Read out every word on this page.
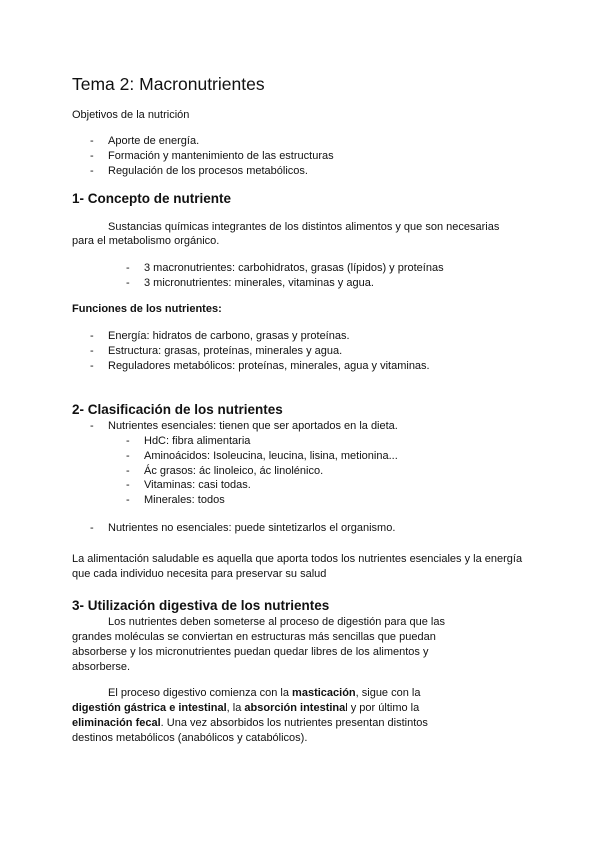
Tema 2: Macronutrientes
Objetivos de la nutrición
- Aporte de energía.
- Formación y mantenimiento de las estructuras
- Regulación de los procesos metabólicos.
1- Concepto de nutriente
Sustancias químicas integrantes de los distintos alimentos y que son necesarias
para el metabolismo orgánico.
- 3 macronutrientes: carbohidratos, grasas (lípidos) y proteínas
- 3 micronutrientes: minerales, vitaminas y agua.
Funciones de los nutrientes:
- Energía: hidratos de carbono, grasas y proteínas.
- Estructura: grasas, proteínas, minerales y agua.
- Reguladores metabólicos: proteínas, minerales, agua y vitaminas.
2- Clasificación de los nutrientes
- Nutrientes esenciales: tienen que ser aportados en la dieta.
- HdC: fibra alimentaria
- Aminoácidos: Isoleucina, leucina, lisina, metionina...
- Ác grasos: ác linoleico, ác linolénico.
- Vitaminas: casi todas.
- Minerales: todos
- Nutrientes no esenciales: puede sintetizarlos el organismo.
La alimentación saludable es aquella que aporta todos los nutrientes esenciales y la energía
que cada individuo necesita para preservar su salud
3- Utilización digestiva de los nutrientes
Los nutrientes deben someterse al proceso de digestión para que las
grandes moléculas se conviertan en estructuras más sencillas que puedan
absorberse y los micronutrientes puedan quedar libres de los alimentos y
absorberse.
El proceso digestivo comienza con la masticación, sigue con la
digestión gástrica e intestinal, la absorción intestinal y por último la
eliminación fecal. Una vez absorbidos los nutrientes presentan distintos
destinos metabólicos (anabólicos y catabólicos).
